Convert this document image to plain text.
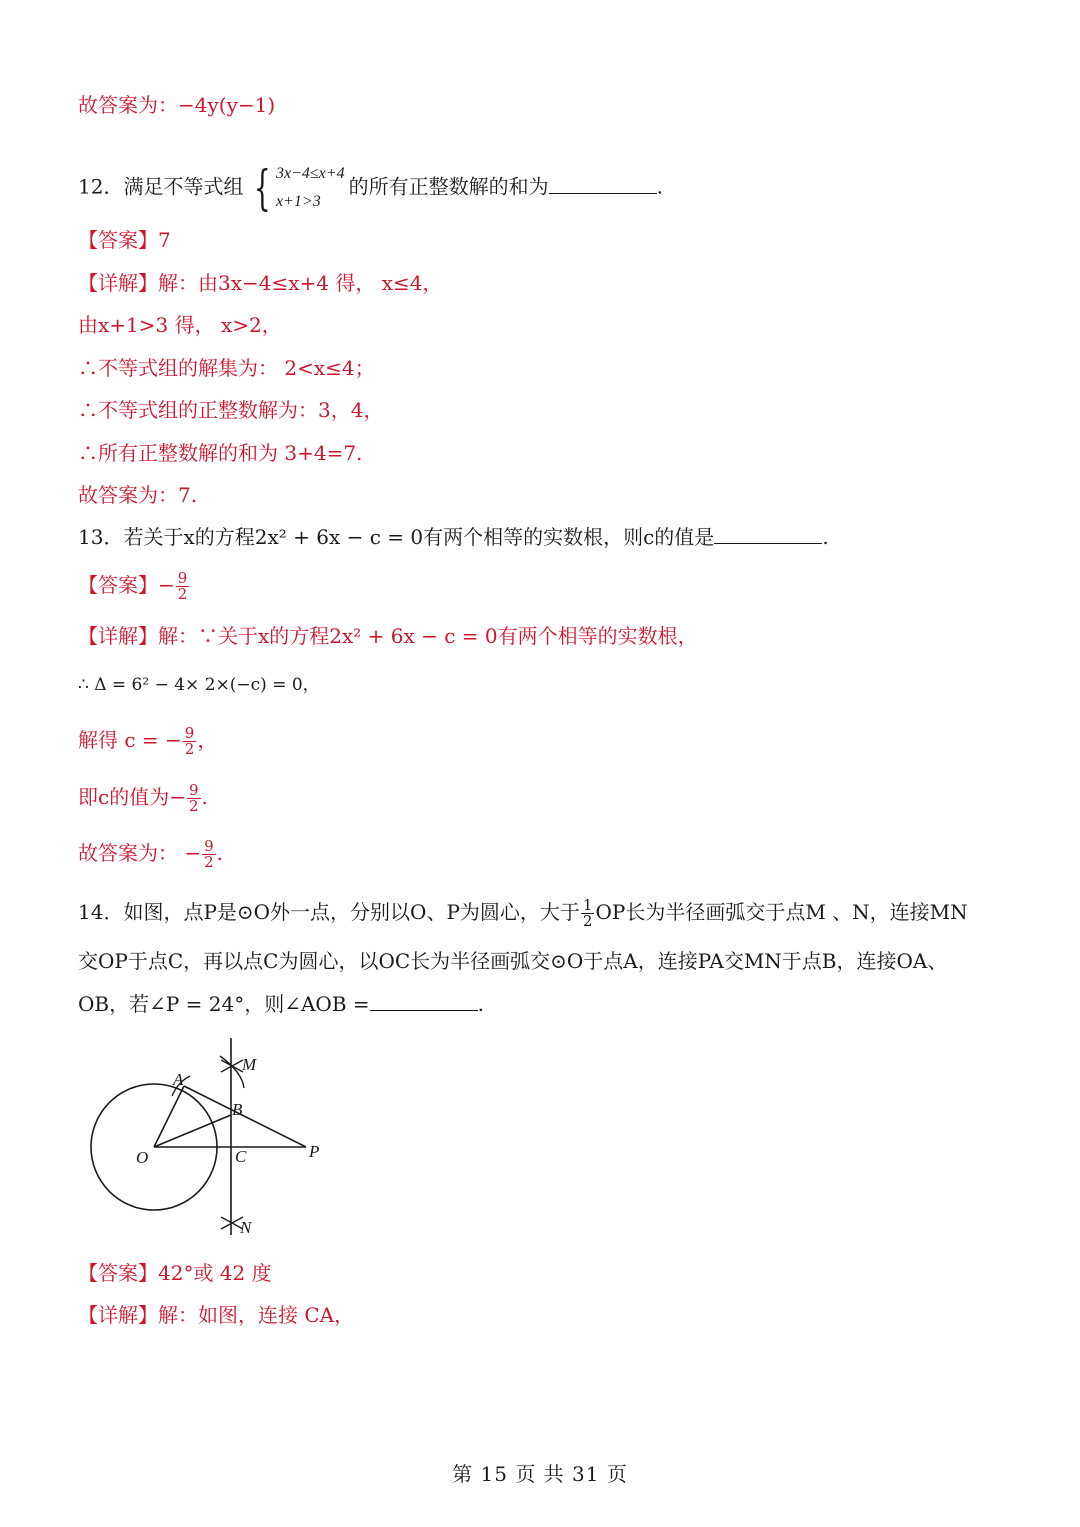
故答案为：−4y(y−1)
12．满足不等式组 { 3x−4≤x+4
x+1>3
的所有正整数解的和为	.
【答案】7
【详解】解：由3x−4≤x+4 得， x≤4，
由x+1>3 得， x>2，
∴不等式组的解集为： 2<x≤4；
∴不等式组的正整数解为：3，4，
∴所有正整数解的和为 3+4=7.
故答案为：7.
13．若关于x的方程2x² + 6x − c = 0有两个相等的实数根，则c的值是	.
【答案】− $\frac{9}{2}$
【详解】解：∵关于x的方程2x² + 6x − c = 0有两个相等的实数根，
∴ Δ = 6² − 4× 2×(−c) = 0，
解得 c = − $\frac{9}{2}$ ，
即c的值为− $\frac{9}{2}$ .
故答案为： − $\frac{9}{2}$ .
14．如图，点P是⊙O外一点，分别以O、P为圆心，大于 $\frac{1}{2}$ OP长为半径画弧交于点M 、N，连接MN
交OP于点C，再以点C为圆心，以OC长为半径画弧交⊙O于点A，连接PA交MN于点B，连接OA、
OB，若∠P = 24°，则∠AOB =	.
A
B
C
O	P
M
N
【答案】42°或 42 度
【详解】解：如图，连接 CA，
第 15 页 共 31 页
